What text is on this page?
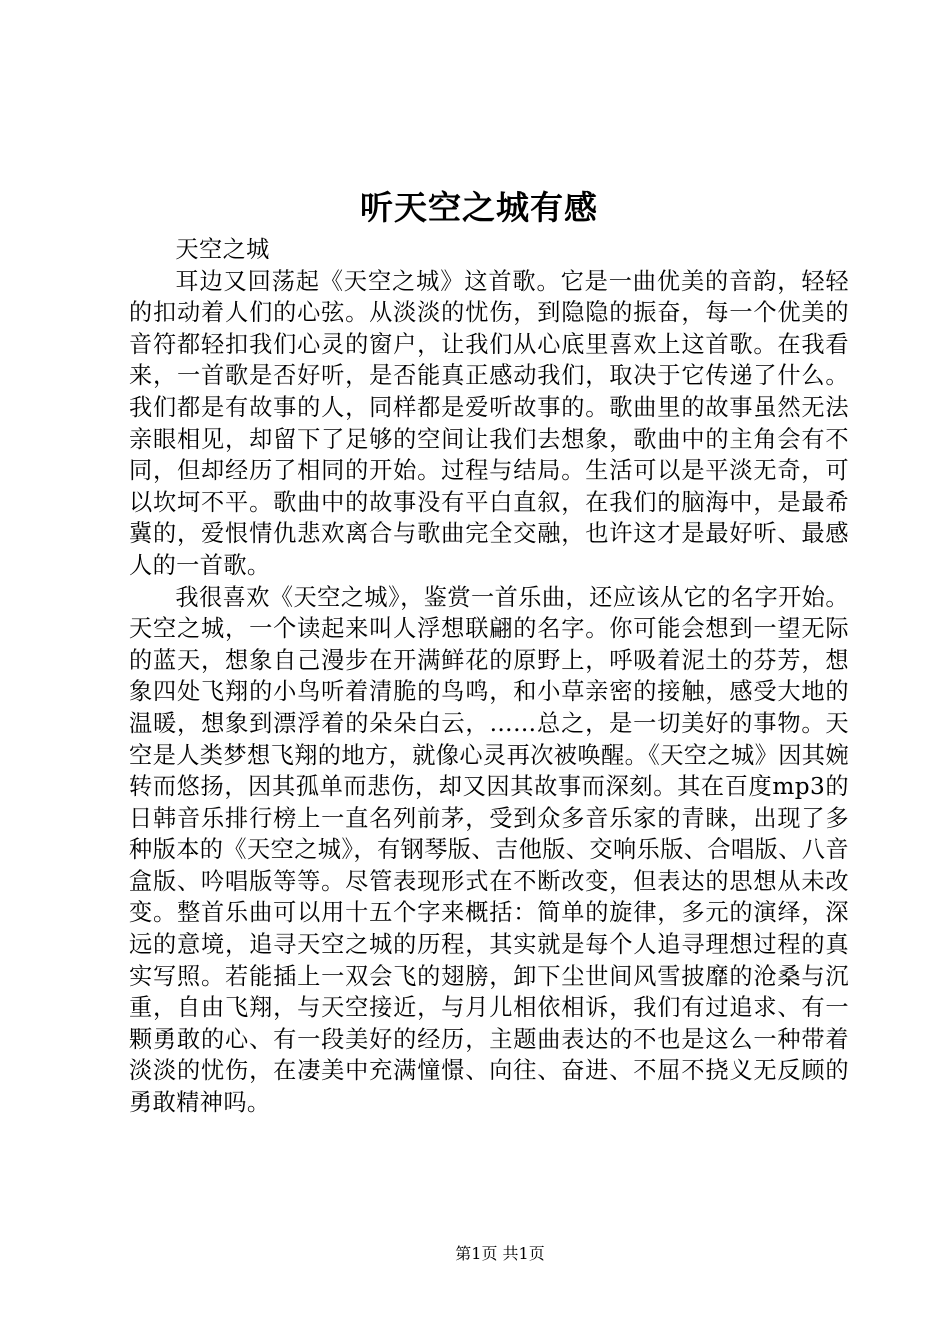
听天空之城有感

天空之城

耳边又回荡起《天空之城》这首歌。它是一曲优美的音韵，轻轻的扣动着人们的心弦。从淡淡的忧伤，到隐隐的振奋，每一个优美的音符都轻扣我们心灵的窗户，让我们从心底里喜欢上这首歌。在我看来，一首歌是否好听，是否能真正感动我们，取决于它传递了什么。我们都是有故事的人，同样都是爱听故事的。歌曲里的故事虽然无法亲眼相见，却留下了足够的空间让我们去想象，歌曲中的主角会有不同，但却经历了相同的开始。过程与结局。生活可以是平淡无奇，可以坎坷不平。歌曲中的故事没有平白直叙，在我们的脑海中，是最希冀的，爱恨情仇悲欢离合与歌曲完全交融，也许这才是最好听、最感人的一首歌。

我很喜欢《天空之城》，鉴赏一首乐曲，还应该从它的名字开始。天空之城，一个读起来叫人浮想联翩的名字。你可能会想到一望无际的蓝天，想象自己漫步在开满鲜花的原野上，呼吸着泥土的芬芳，想象四处飞翔的小鸟听着清脆的鸟鸣，和小草亲密的接触，感受大地的温暖，想象到漂浮着的朵朵白云，……总之，是一切美好的事物。天空是人类梦想飞翔的地方，就像心灵再次被唤醒。《天空之城》因其婉转而悠扬，因其孤单而悲伤，却又因其故事而深刻。其在百度mp3的日韩音乐排行榜上一直名列前茅，受到众多音乐家的青睐，出现了多种版本的《天空之城》，有钢琴版、吉他版、交响乐版、合唱版、八音盒版、吟唱版等等。尽管表现形式在不断改变，但表达的思想从未改变。整首乐曲可以用十五个字来概括：简单的旋律，多元的演绎，深远的意境，追寻天空之城的历程，其实就是每个人追寻理想过程的真实写照。若能插上一双会飞的翅膀，卸下尘世间风雪披靡的沧桑与沉重，自由飞翔，与天空接近，与月儿相依相诉，我们有过追求、有一颗勇敢的心、有一段美好的经历，主题曲表达的不也是这么一种带着淡淡的忧伤，在凄美中充满憧憬、向往、奋进、不屈不挠义无反顾的勇敢精神吗。

第1页 共1页
